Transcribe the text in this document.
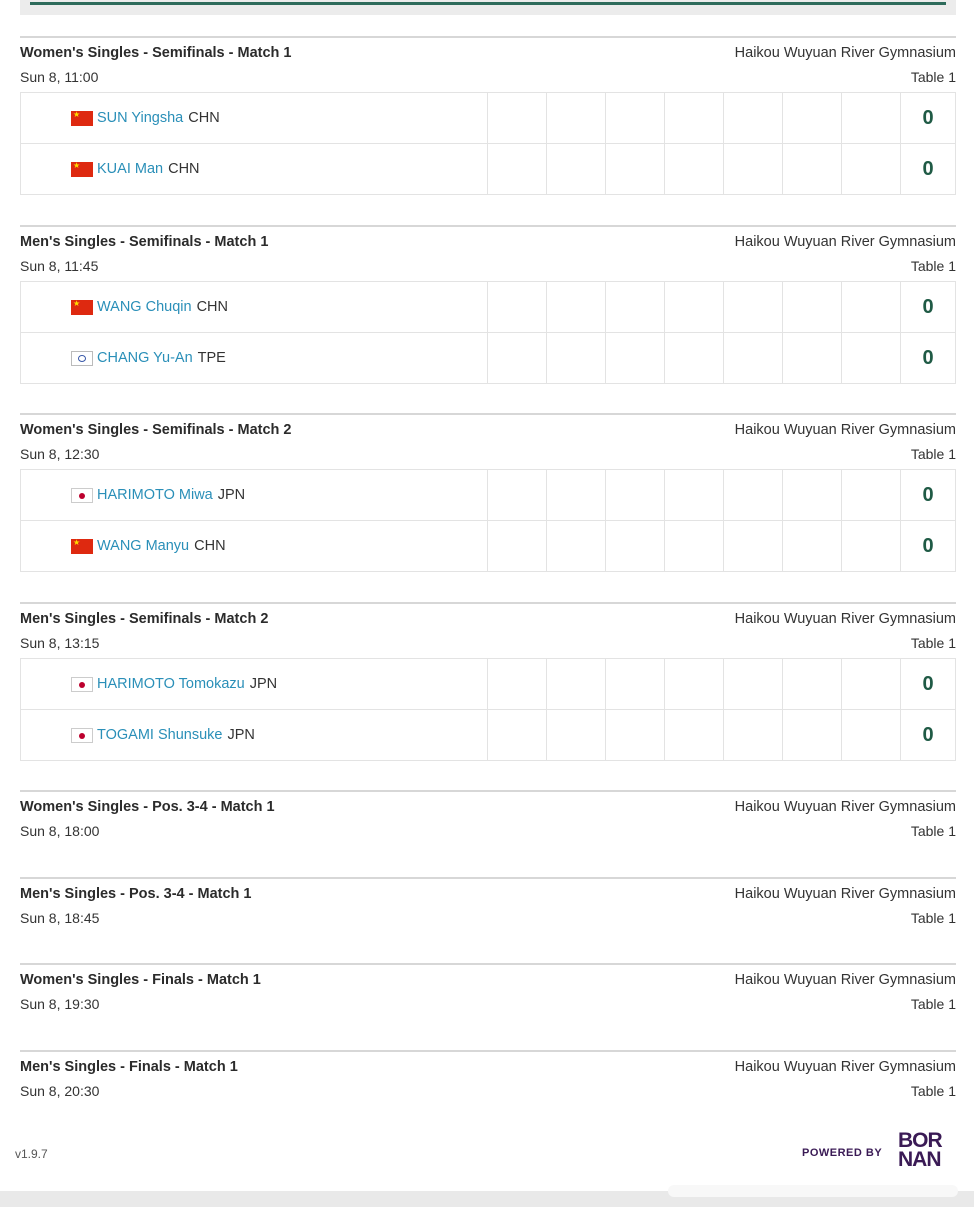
Women's Singles - Semifinals - Match 1
Sun 8, 11:00
Haikou Wuyuan River Gymnasium
Table 1
★
SUN Yingsha CHN	0
★
KUAI Man CHN	0
Men's Singles - Semifinals - Match 1
Sun 8, 11:45
Haikou Wuyuan River Gymnasium
Table 1
★
WANG Chuqin CHN	0
CHANG Yu-An TPE	0
Women's Singles - Semifinals - Match 2
Sun 8, 12:30
Haikou Wuyuan River Gymnasium
Table 1
HARIMOTO Miwa JPN	0
★
WANG Manyu CHN	0
Men's Singles - Semifinals - Match 2
Sun 8, 13:15
Haikou Wuyuan River Gymnasium
Table 1
HARIMOTO Tomokazu JPN	0
TOGAMI Shunsuke JPN	0
Women's Singles - Pos. 3-4 - Match 1
Sun 8, 18:00
Haikou Wuyuan River Gymnasium
Table 1
Men's Singles - Pos. 3-4 - Match 1
Sun 8, 18:45
Haikou Wuyuan River Gymnasium
Table 1
Women's Singles - Finals - Match 1
Sun 8, 19:30
Haikou Wuyuan River Gymnasium
Table 1
Men's Singles - Finals - Match 1
Sun 8, 20:30
Haikou Wuyuan River Gymnasium
Table 1
v1.9.7	POWERED BY
BOR
NAN
